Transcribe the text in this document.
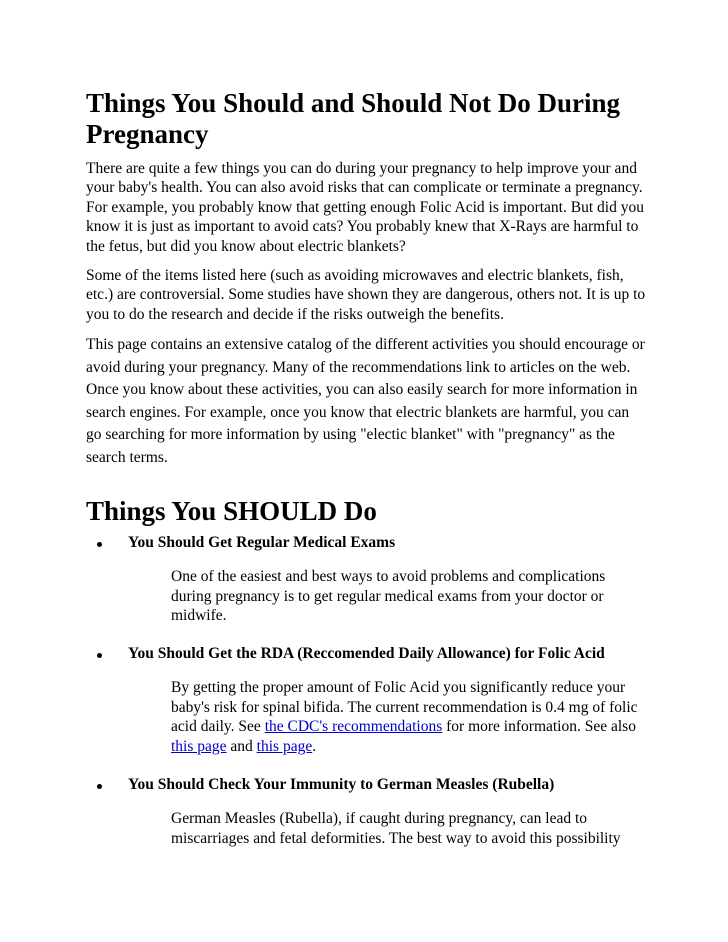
Things You Should and Should Not Do During Pregnancy

There are quite a few things you can do during your pregnancy to help improve your and your baby's health. You can also avoid risks that can complicate or terminate a pregnancy. For example, you probably know that getting enough Folic Acid is important. But did you know it is just as important to avoid cats? You probably knew that X-Rays are harmful to the fetus, but did you know about electric blankets?

Some of the items listed here (such as avoiding microwaves and electric blankets, fish, etc.) are controversial. Some studies have shown they are dangerous, others not. It is up to you to do the research and decide if the risks outweigh the benefits.

This page contains an extensive catalog of the different activities you should encourage or avoid during your pregnancy. Many of the recommendations link to articles on the web. Once you know about these activities, you can also easily search for more information in search engines. For example, once you know that electric blankets are harmful, you can go searching for more information by using "electic blanket" with "pregnancy" as the search terms.

Things You SHOULD Do
You Should Get Regular Medical Exams
One of the easiest and best ways to avoid problems and complications during pregnancy is to get regular medical exams from your doctor or midwife.
You Should Get the RDA (Reccomended Daily Allowance) for Folic Acid
By getting the proper amount of Folic Acid you significantly reduce your baby's risk for spinal bifida. The current recommendation is 0.4 mg of folic acid daily. See the CDC's recommendations for more information. See also this page and this page.
You Should Check Your Immunity to German Measles (Rubella)
German Measles (Rubella), if caught during pregnancy, can lead to miscarriages and fetal deformities. The best way to avoid this possibility
